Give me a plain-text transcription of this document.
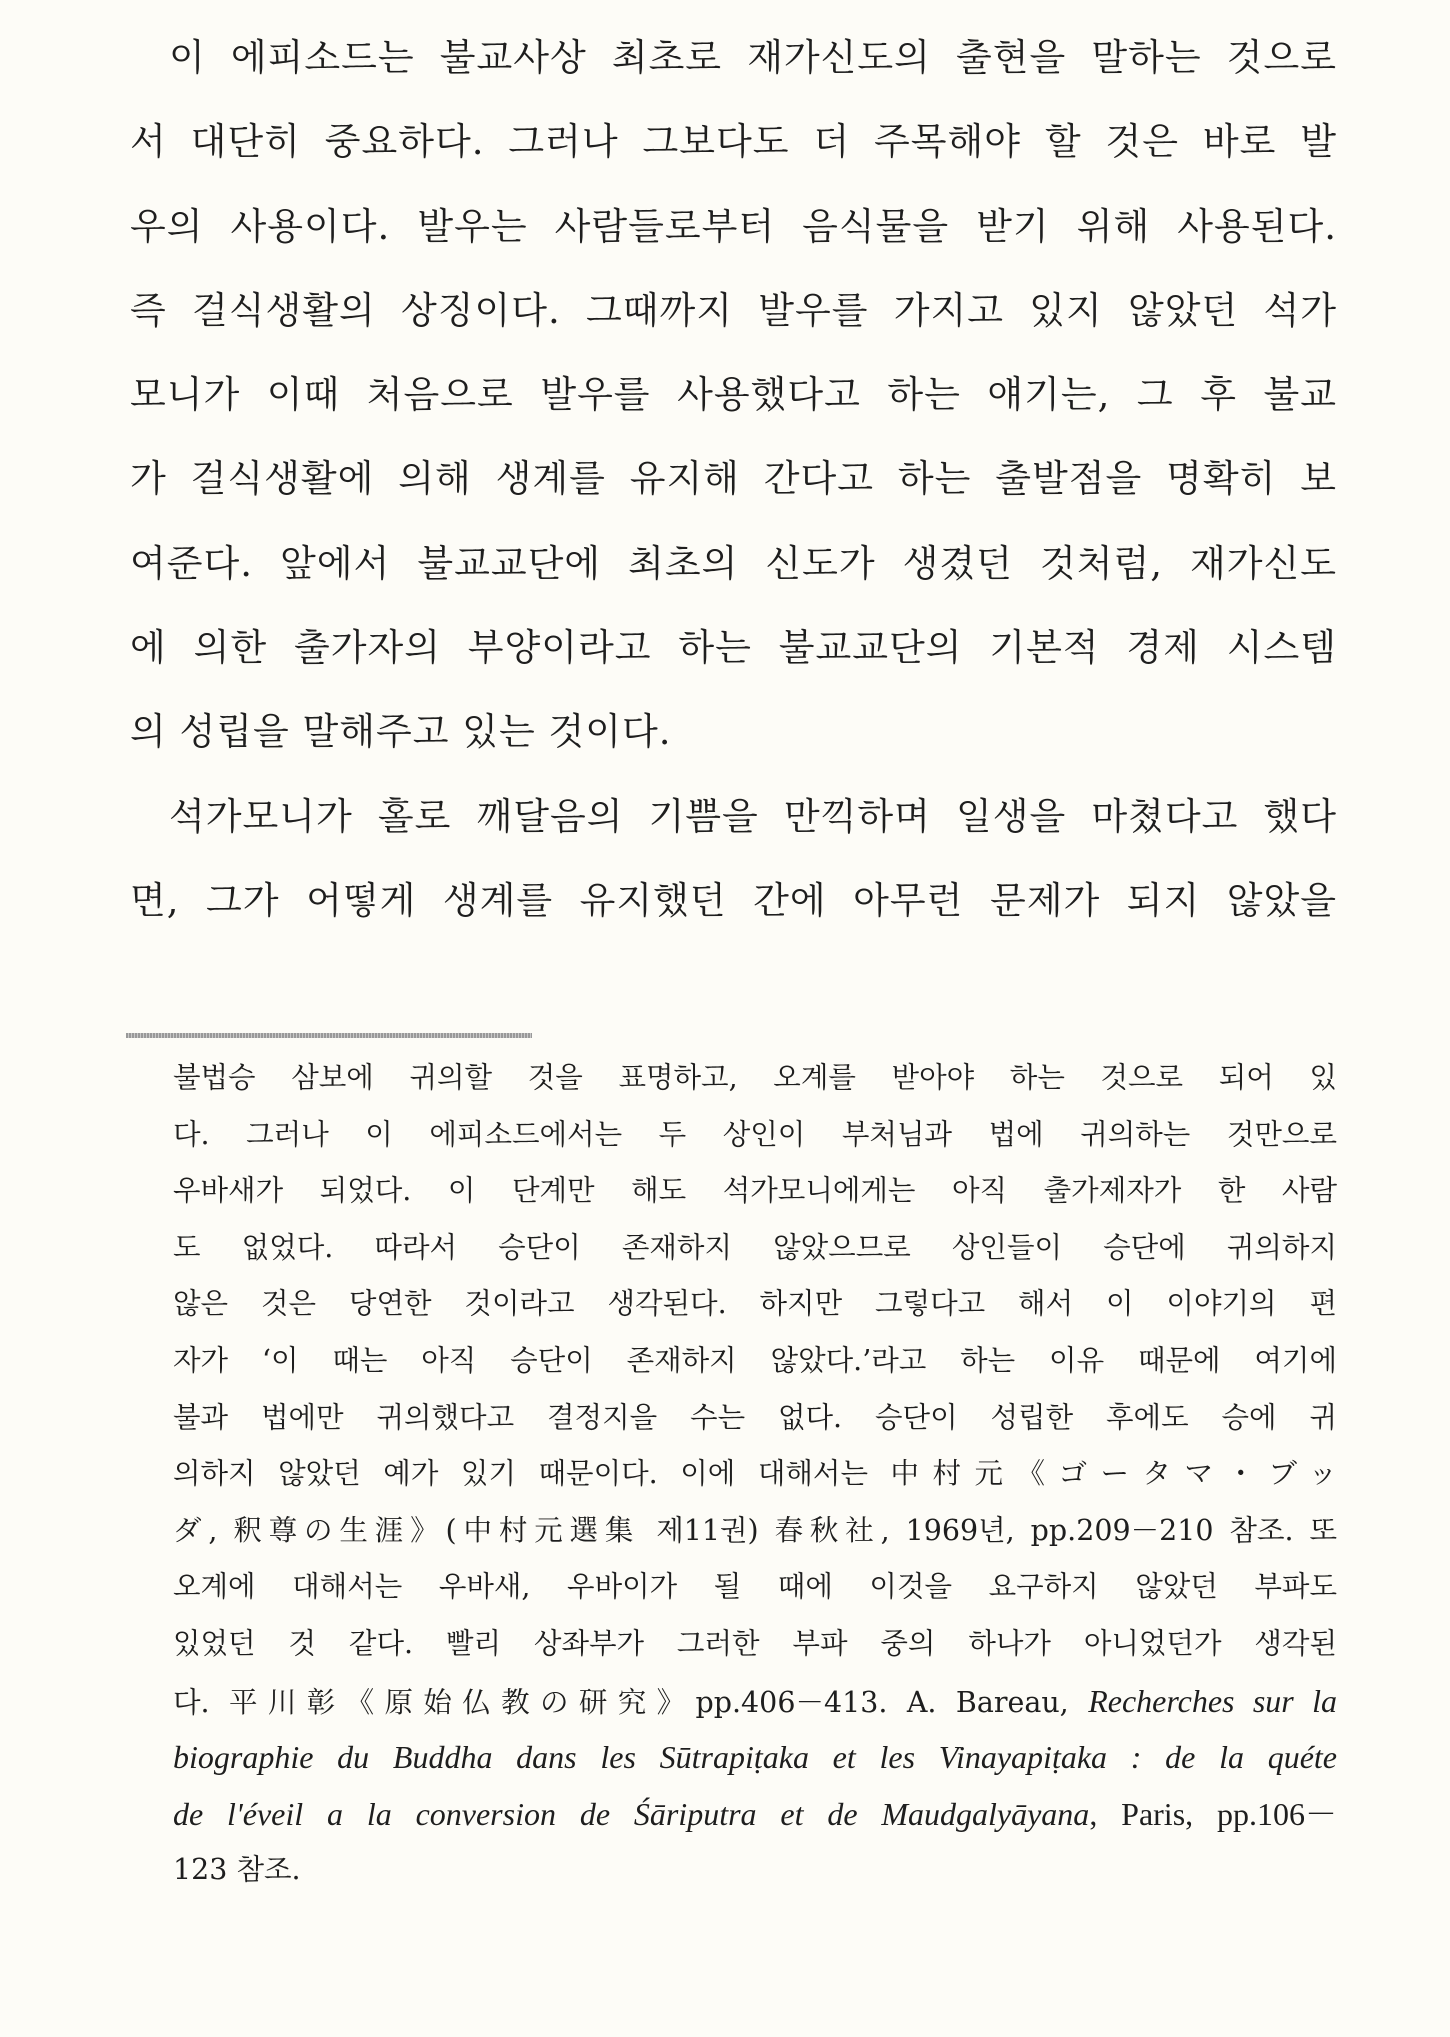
이 에피소드는 불교사상 최초로 재가신도의 출현을 말하는 것으로
서 대단히 중요하다. 그러나 그보다도 더 주목해야 할 것은 바로 발
우의 사용이다. 발우는 사람들로부터 음식물을 받기 위해 사용된다.
즉 걸식생활의 상징이다. 그때까지 발우를 가지고 있지 않았던 석가
모니가 이때 처음으로 발우를 사용했다고 하는 얘기는, 그 후 불교
가 걸식생활에 의해 생계를 유지해 간다고 하는 출발점을 명확히 보
여준다. 앞에서 불교교단에 최초의 신도가 생겼던 것처럼, 재가신도
에 의한 출가자의 부양이라고 하는 불교교단의 기본적 경제 시스템
의 성립을 말해주고 있는 것이다.
석가모니가 홀로 깨달음의 기쁨을 만끽하며 일생을 마쳤다고 했다
면, 그가 어떻게 생계를 유지했던 간에 아무런 문제가 되지 않았을
불법승 삼보에 귀의할 것을 표명하고, 오계를 받아야 하는 것으로 되어 있
다. 그러나 이 에피소드에서는 두 상인이 부처님과 법에 귀의하는 것만으로
우바새가 되었다. 이 단계만 해도 석가모니에게는 아직 출가제자가 한 사람
도 없었다. 따라서 승단이 존재하지 않았으므로 상인들이 승단에 귀의하지
않은 것은 당연한 것이라고 생각된다. 하지만 그렇다고 해서 이 이야기의 편
자가 ‘이 때는 아직 승단이 존재하지 않았다.’라고 하는 이유 때문에 여기에
불과 법에만 귀의했다고 결정지을 수는 없다. 승단이 성립한 후에도 승에 귀
의하지 않았던 예가 있기 때문이다. 이에 대해서는 中村元《ゴータマ・ブッ
ダ, 釈尊の生涯》(中村元選集 제11권) 春秋社, 1969년, pp.209－210 참조. 또
오계에 대해서는 우바새, 우바이가 될 때에 이것을 요구하지 않았던 부파도
있었던 것 같다. 빨리 상좌부가 그러한 부파 중의 하나가 아니었던가 생각된
다. 平川彰《原始仏教の研究》pp.406－413. A. Bareau, Recherches sur la
biographie du Buddha dans les Sūtrapiṭaka et les Vinayapiṭaka : de la quéte
de l'éveil a la conversion de Śāriputra et de Maudgalyāyana, Paris, pp.106－
123 참조.
